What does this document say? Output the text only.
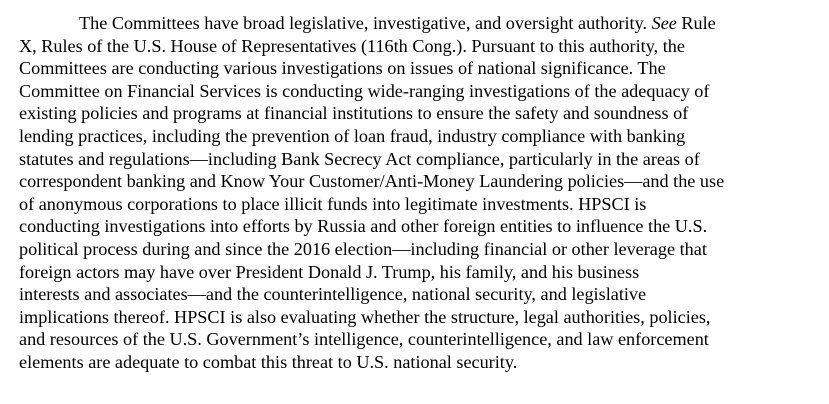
The Committees have broad legislative, investigative, and oversight authority. See Rule
X, Rules of the U.S. House of Representatives (116th Cong.). Pursuant to this authority, the
Committees are conducting various investigations on issues of national significance. The
Committee on Financial Services is conducting wide-ranging investigations of the adequacy of
existing policies and programs at financial institutions to ensure the safety and soundness of
lending practices, including the prevention of loan fraud, industry compliance with banking
statutes and regulations—including Bank Secrecy Act compliance, particularly in the areas of
correspondent banking and Know Your Customer/Anti-Money Laundering policies—and the use
of anonymous corporations to place illicit funds into legitimate investments. HPSCI is
conducting investigations into efforts by Russia and other foreign entities to influence the U.S.
political process during and since the 2016 election—including financial or other leverage that
foreign actors may have over President Donald J. Trump, his family, and his business
interests and associates—and the counterintelligence, national security, and legislative
implications thereof. HPSCI is also evaluating whether the structure, legal authorities, policies,
and resources of the U.S. Government’s intelligence, counterintelligence, and law enforcement
elements are adequate to combat this threat to U.S. national security.
